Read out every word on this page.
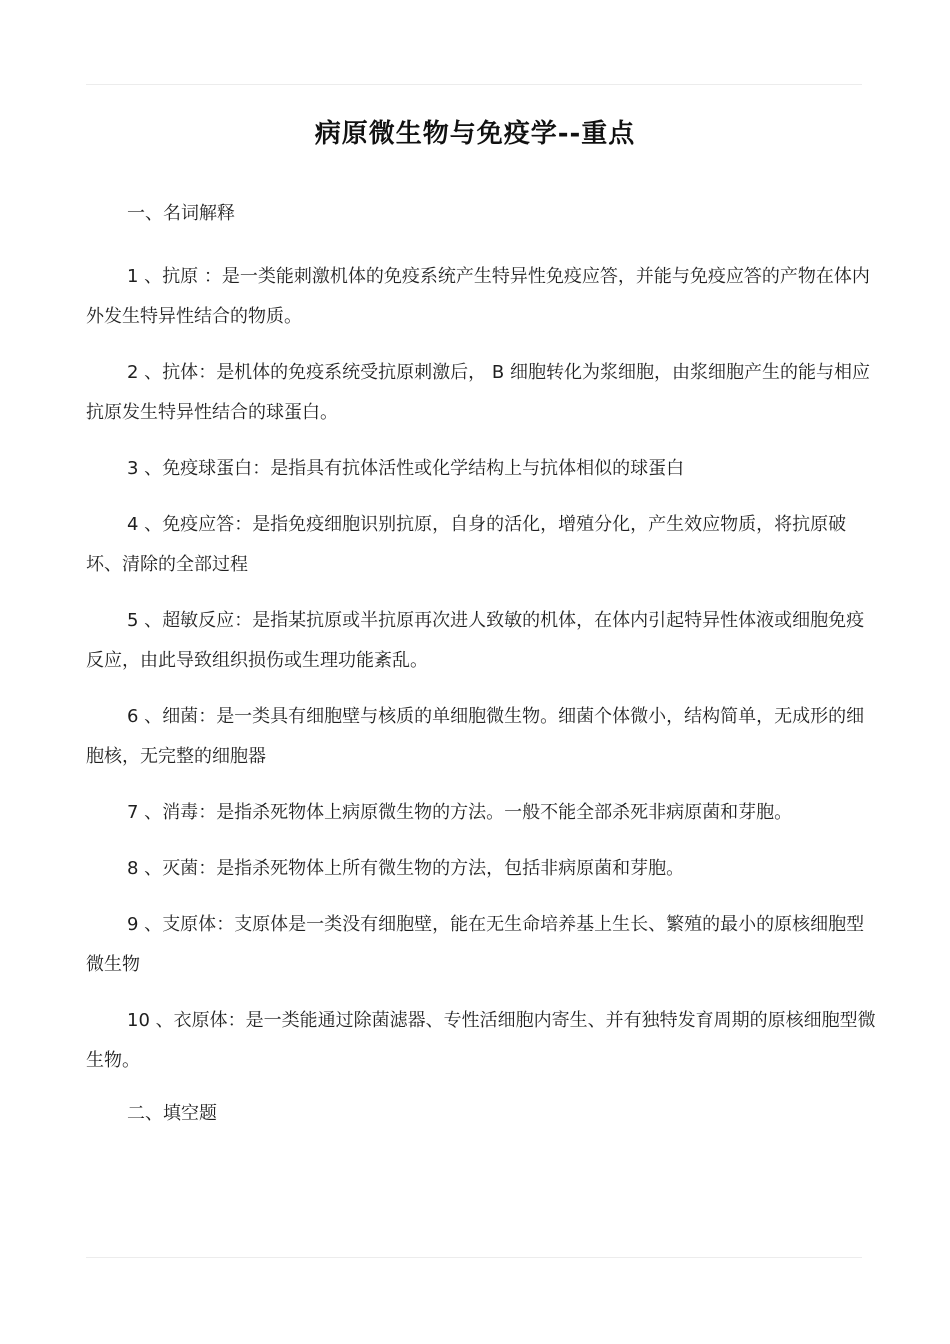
病原微生物与免疫学--重点
一、名词解释

1 、抗原 ：是一类能刺激机体的免疫系统产生特异性免疫应答，并能与免疫应答的产物在体内外发生特异性结合的物质。

2 、抗体：是机体的免疫系统受抗原刺激后， B 细胞转化为浆细胞，由浆细胞产生的能与相应抗原发生特异性结合的球蛋白。

3 、免疫球蛋白：是指具有抗体活性或化学结构上与抗体相似的球蛋白

4 、免疫应答：是指免疫细胞识别抗原，自身的活化，增殖分化，产生效应物质，将抗原破坏、清除的全部过程

5 、超敏反应：是指某抗原或半抗原再次进人致敏的机体，在体内引起特异性体液或细胞免疫反应，由此导致组织损伤或生理功能紊乱。

6 、细菌：是一类具有细胞壁与核质的单细胞微生物。细菌个体微小，结构简单，无成形的细胞核，无完整的细胞器

7 、消毒：是指杀死物体上病原微生物的方法。一般不能全部杀死非病原菌和芽胞。

8 、灭菌：是指杀死物体上所有微生物的方法，包括非病原菌和芽胞。

9 、支原体：支原体是一类没有细胞壁，能在无生命培养基上生长、繁殖的最小的原核细胞型微生物

10 、衣原体：是一类能通过除菌滤器、专性活细胞内寄生、并有独特发育周期的原核细胞型微生物。

二、填空题
